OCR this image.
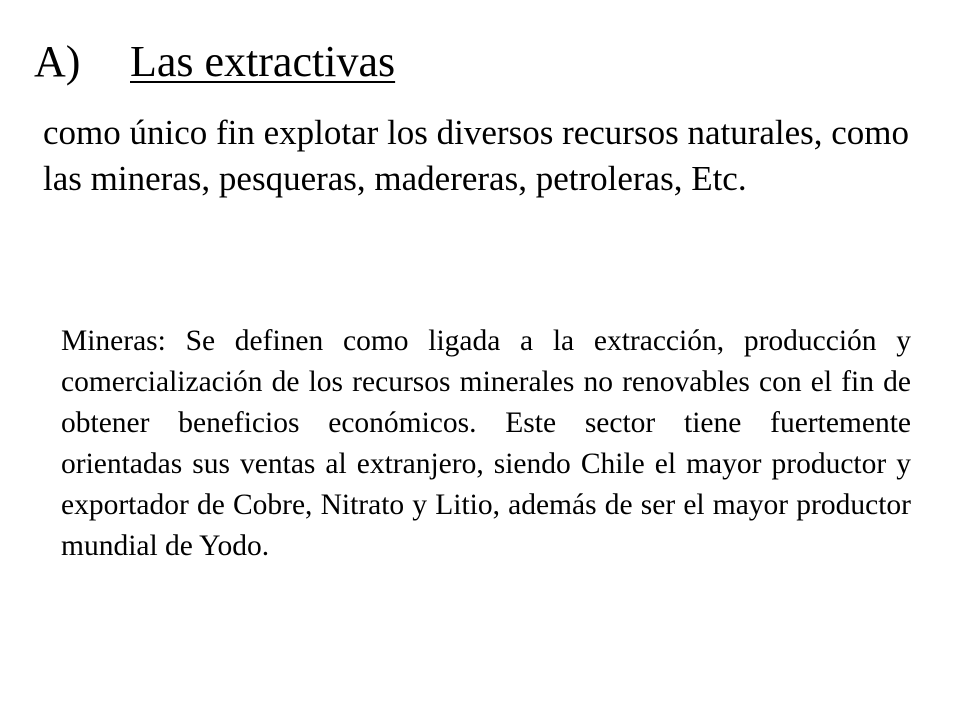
A)	Las extractivas

como único fin explotar los diversos recursos naturales, como las mineras, pesqueras, madereras, petroleras, Etc.

Mineras: Se definen como ligada a la extracción, producción y comercialización de los recursos minerales no renovables con el fin de obtener beneficios económicos. Este sector tiene fuertemente orientadas sus ventas al extranjero, siendo Chile el mayor productor y exportador de Cobre, Nitrato y Litio, además de ser el mayor productor mundial de Yodo.
